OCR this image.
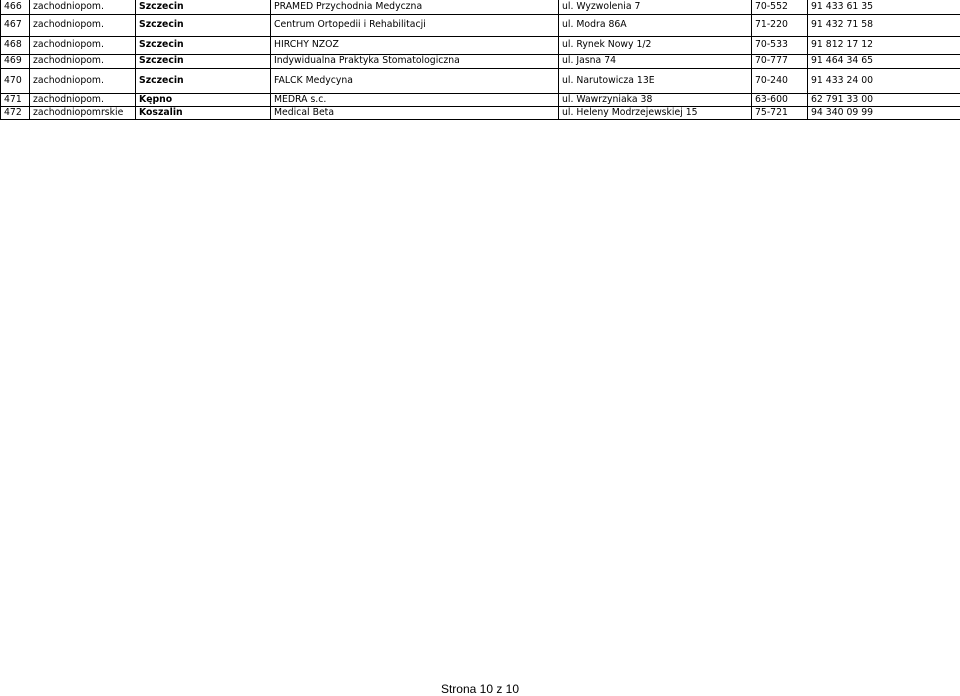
466	zachodniopom.	Szczecin	PRAMED Przychodnia Medyczna	ul. Wyzwolenia 7	70-552	91 433 61 35
467	zachodniopom.	Szczecin	Centrum Ortopedii i Rehabilitacji	ul. Modra 86A	71-220	91 432 71 58
468	zachodniopom.	Szczecin	HIRCHY NZOZ	ul. Rynek Nowy 1/2	70-533	91 812 17 12
469	zachodniopom.	Szczecin	Indywidualna Praktyka Stomatologiczna	ul. Jasna 74	70-777	91 464 34 65
470	zachodniopom.	Szczecin	FALCK Medycyna	ul. Narutowicza 13E	70-240	91 433 24 00
471	zachodniopom.	Kępno	MEDRA s.c.	ul. Wawrzyniaka 38	63-600	62 791 33 00
472	zachodniopomrskie	Koszalin	Medical Beta	ul. Heleny Modrzejewskiej 15	75-721	94 340 09 99
Strona 10 z 10
